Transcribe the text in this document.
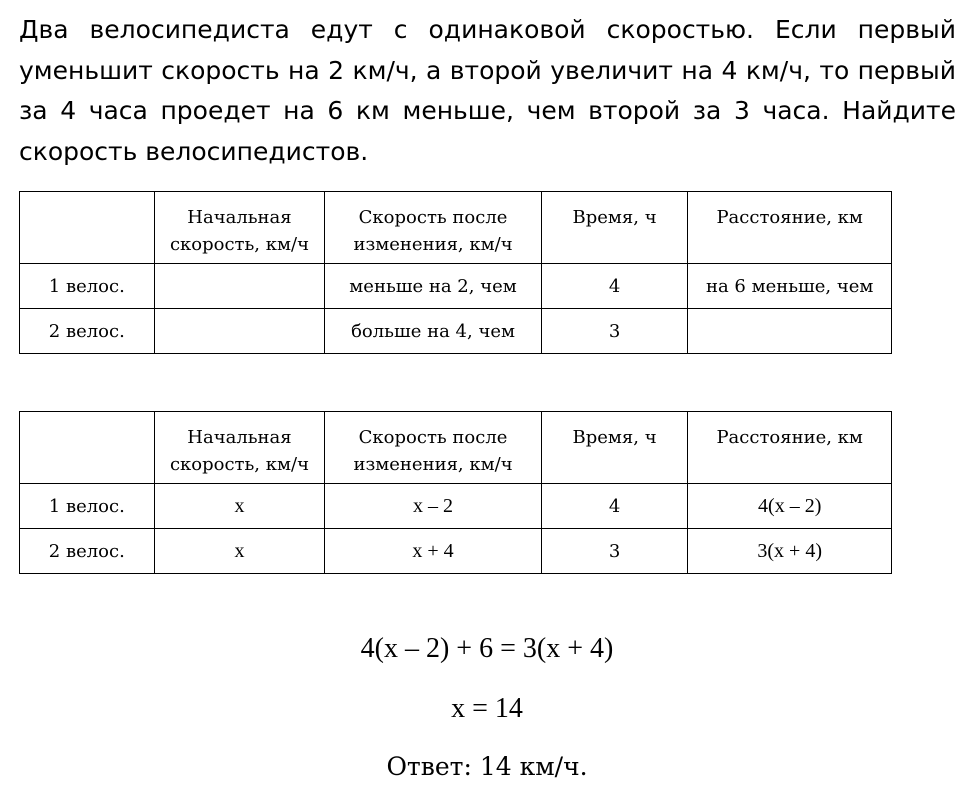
Два велосипедиста едут с одинаковой скоростью. Если первый уменьшит скорость на 2 км/ч, а второй увеличит на 4 км/ч, то первый за 4 часа проедет на 6 км меньше, чем второй за 3 часа. Найдите скорость велосипедистов.

	Начальная
скорость, км/ч	Скорость после
изменения, км/ч	Время, ч	Расстояние, км
1 велос.		меньше на 2, чем	4	на 6 меньше, чем
2 велос.		больше на 4, чем	3	
	Начальная
скорость, км/ч	Скорость после
изменения, км/ч	Время, ч	Расстояние, км
1 велос.	x	x – 2	4	4(x – 2)
2 велос.	x	x + 4	3	3(x + 4)

4(x – 2) + 6 = 3(x + 4)

x = 14

Ответ: 14 км/ч.
